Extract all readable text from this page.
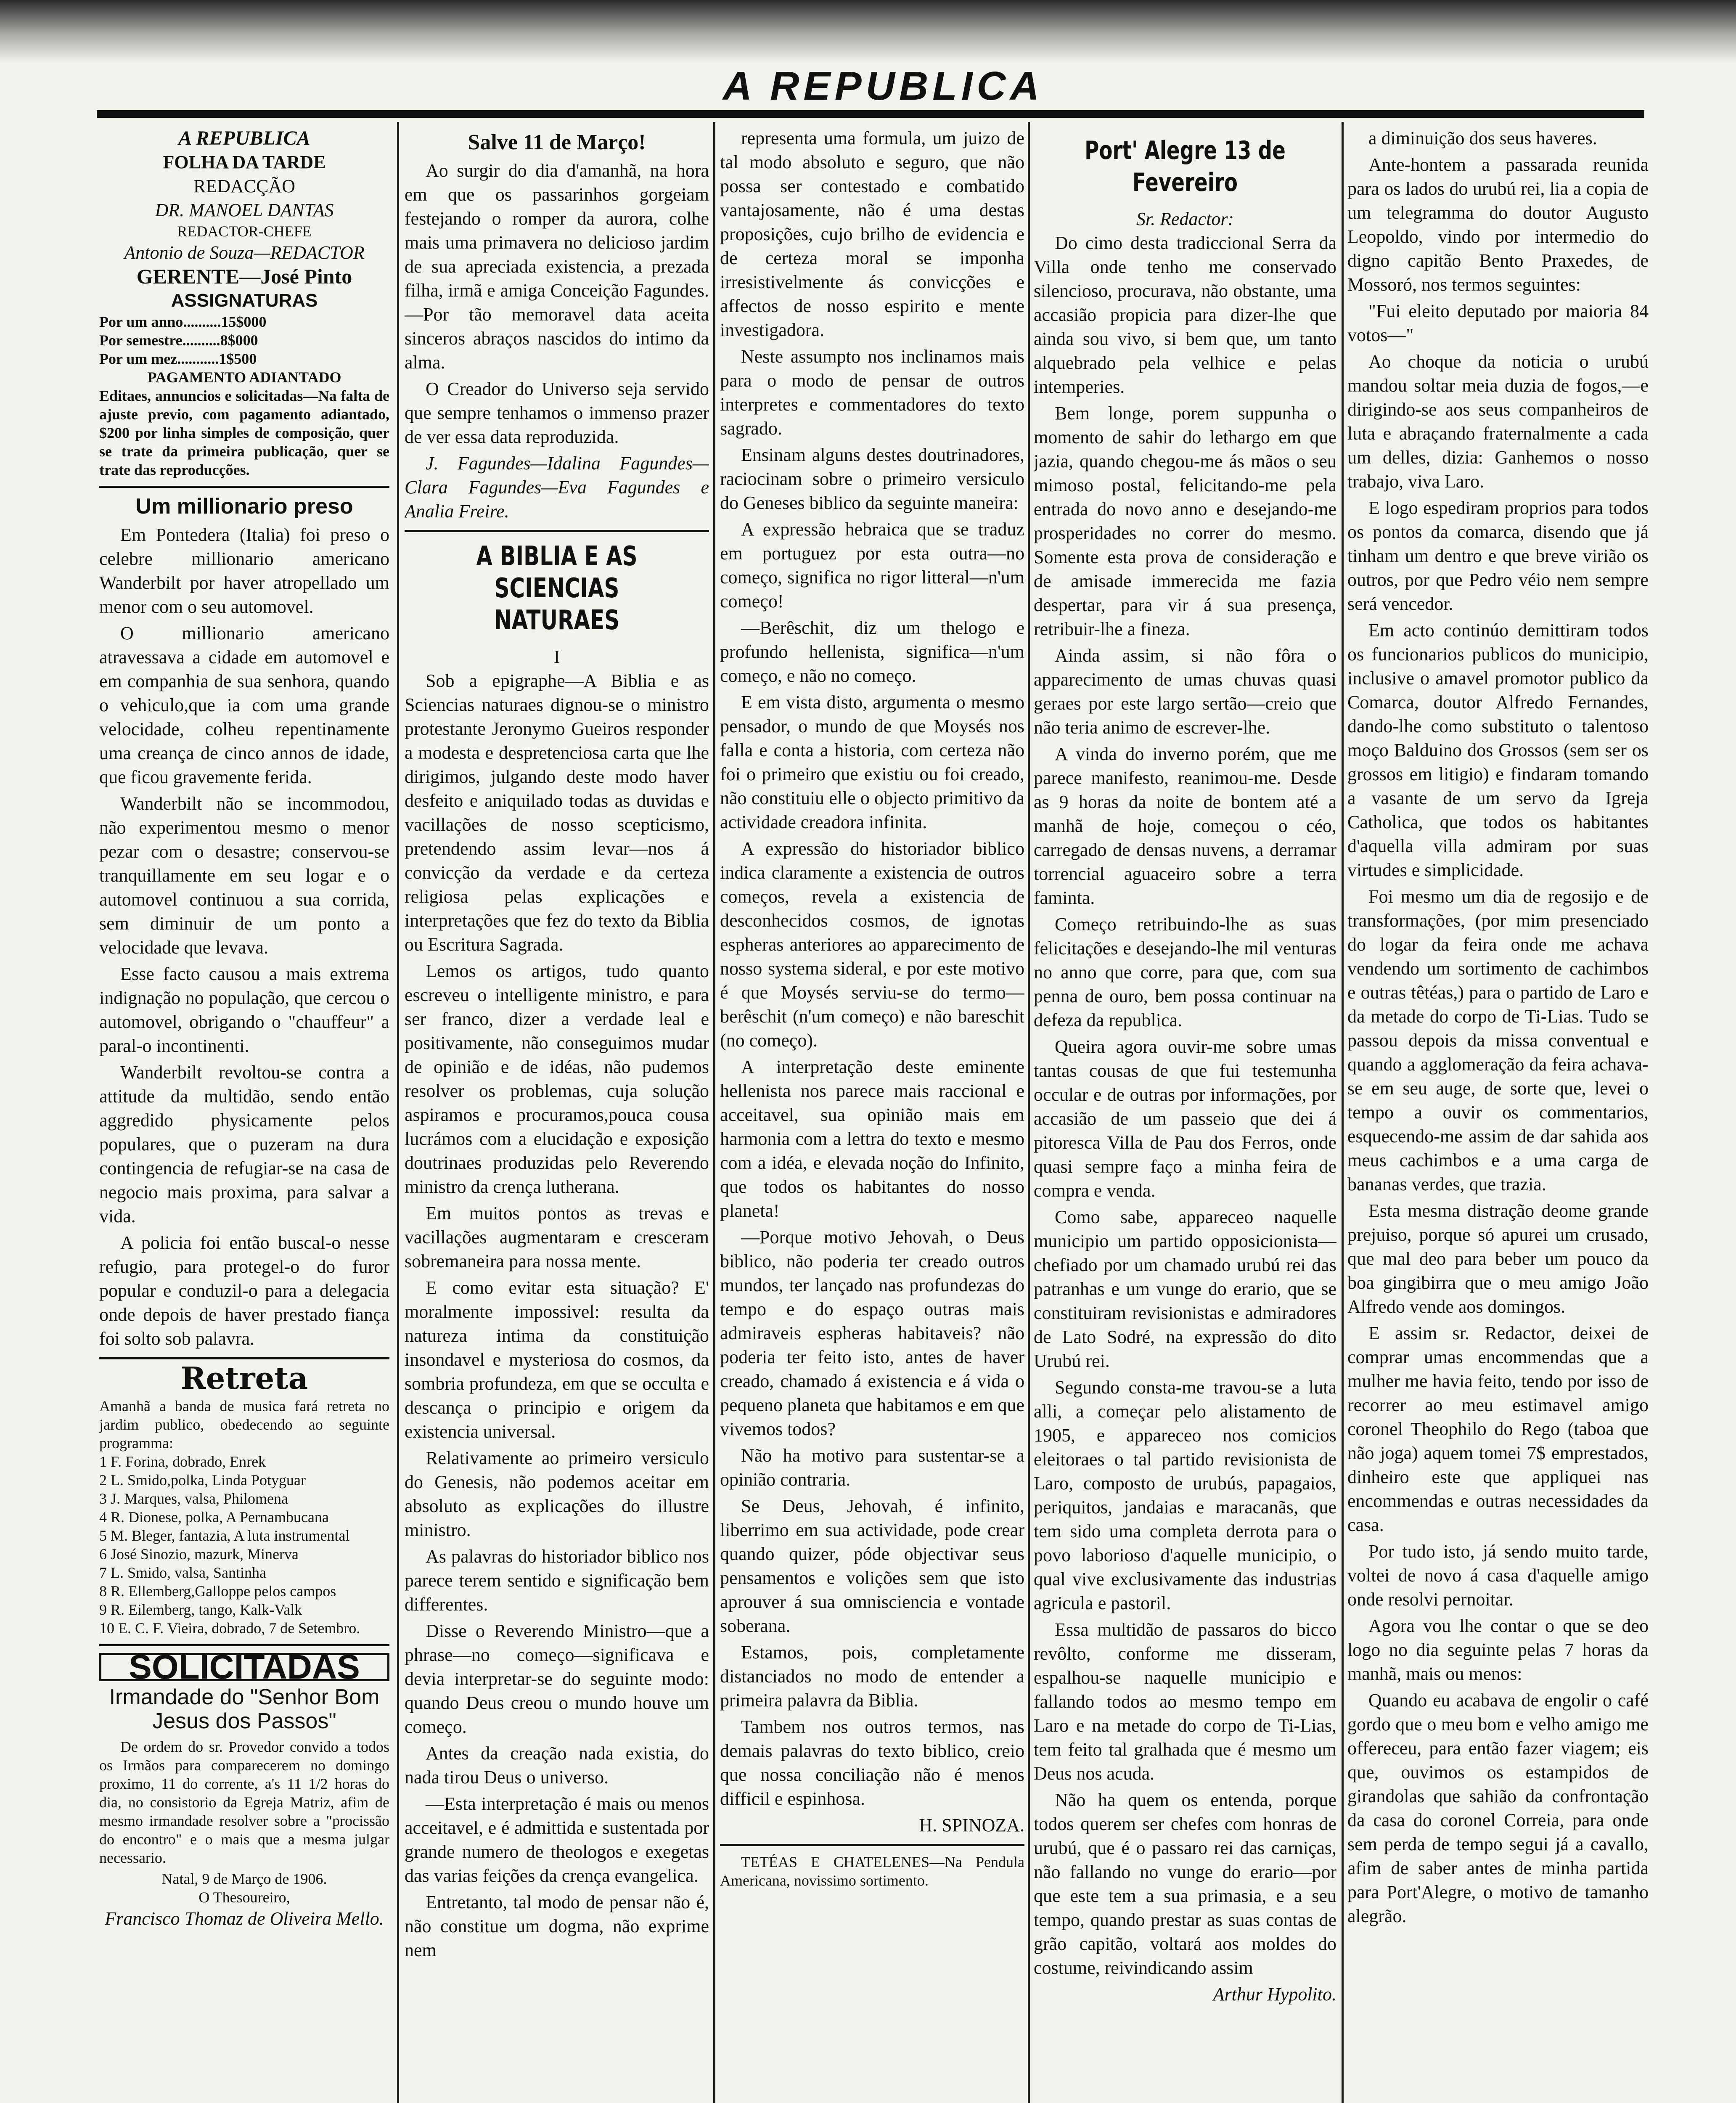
A REPUBLICA
A REPUBLICA
FOLHA DA TARDE
REDACÇÃO
DR. MANOEL DANTAS
REDACTOR-CHEFE
Antonio de Souza—REDACTOR
GERENTE—José Pinto
ASSIGNATURAS
Por um anno..........15$000
Por semestre..........8$000
Por um mez...........1$500
PAGAMENTO ADIANTADO
Editaes, annuncios e solicitadas—Na falta de ajuste previo, com pagamento adiantado, $200 por linha simples de composição, quer se trate da primeira publicação, quer se trate das reproducções.
Um millionario preso

Em Pontedera (Italia) foi preso o celebre millionario americano Wanderbilt por haver atropellado um menor com o seu automovel.

O millionario americano atravessava a cidade em automovel e em companhia de sua senhora, quando o vehiculo,que ia com uma grande velocidade, colheu repentinamente uma creança de cinco annos de idade, que ficou gravemente ferida.

Wanderbilt não se incommodou, não experimentou mesmo o menor pezar com o desastre; conservou-se tranquillamente em seu logar e o automovel continuou a sua corrida, sem diminuir de um ponto a velocidade que levava.

Esse facto causou a mais extrema indignação no população, que cercou o automovel, obrigando o "chauffeur" a paral-o incontinenti.

Wanderbilt revoltou-se contra a attitude da multidão, sendo então aggredido physicamente pelos populares, que o puzeram na dura contingencia de refugiar-se na casa de negocio mais proxima, para salvar a vida.

A policia foi então buscal-o nesse refugio, para protegel-o do furor popular e conduzil-o para a delegacia onde depois de haver prestado fiança foi solto sob palavra.

Retreta
Amanhã a banda de musica fará retreta no jardim publico, obedecendo ao seguinte programma:
1 F. Forina, dobrado, Enrek
2 L. Smido,polka, Linda Potyguar
3 J. Marques, valsa, Philomena
4 R. Dionese, polka, A Pernambucana
5 M. Bleger, fantazia, A luta instrumental
6 José Sinozio, mazurk, Minerva
7 L. Smido, valsa, Santinha
8 R. Ellemberg,Galloppe pelos campos
9 R. Eilemberg, tango, Kalk-Valk
10 E. C. F. Vieira, dobrado, 7 de Setembro.
SOLICITADAS
Irmandade do "Senhor Bom Jesus dos Passos"

De ordem do sr. Provedor convido a todos os Irmãos para comparecerem no domingo proximo, 11 do corrente, a's 11 1/2 horas do dia, no consistorio da Egreja Matriz, afim de mesmo irmandade resolver sobre a "procissão do encontro" e o mais que a mesma julgar necessario.

Natal, 9 de Março de 1906.
O Thesoureiro,
Francisco Thomaz de Oliveira Mello.
Salve 11 de Março!

Ao surgir do dia d'amanhã, na hora em que os passarinhos gorgeiam festejando o romper da aurora, colhe mais uma primavera no delicioso jardim de sua apreciada existencia, a prezada filha, irmã e amiga Conceição Fagundes.—Por tão memoravel data aceita sinceros abraços nascidos do intimo da alma.

O Creador do Universo seja servido que sempre tenhamos o immenso prazer de ver essa data reproduzida.

J. Fagundes—Idalina Fagundes—Clara Fagundes—Eva Fagundes e Analia Freire.

A BIBLIA E AS SCIENCIAS NATURAES
I

Sob a epigraphe—A Biblia e as Sciencias naturaes dignou-se o ministro protestante Jeronymo Gueiros responder a modesta e despretenciosa carta que lhe dirigimos, julgando deste modo haver desfeito e aniquilado todas as duvidas e vacillações de nosso scepticismo, pretendendo assim levar—nos á convicção da verdade e da certeza religiosa pelas explicações e interpretações que fez do texto da Biblia ou Escritura Sagrada.

Lemos os artigos, tudo quanto escreveu o intelligente ministro, e para ser franco, dizer a verdade leal e positivamente, não conseguimos mudar de opinião e de idéas, não pudemos resolver os problemas, cuja solução aspiramos e procuramos,pouca cousa lucrámos com a elucidação e exposição doutrinaes produzidas pelo Reverendo ministro da crença lutherana.

Em muitos pontos as trevas e vacillações augmentaram e cresceram sobremaneira para nossa mente.

E como evitar esta situação? E' moralmente impossivel: resulta da natureza intima da constituição insondavel e mysteriosa do cosmos, da sombria profundeza, em que se occulta e descança o principio e origem da existencia universal.

Relativamente ao primeiro versiculo do Genesis, não podemos aceitar em absoluto as explicações do illustre ministro.

As palavras do historiador biblico nos parece terem sentido e significação bem differentes.

Disse o Reverendo Ministro—que a phrase—no começo—significava e devia interpretar-se do seguinte modo: quando Deus creou o mundo houve um começo.

Antes da creação nada existia, do nada tirou Deus o universo.

—Esta interpretação é mais ou menos acceitavel, e é admittida e sustentada por grande numero de theologos e exegetas das varias feições da crença evangelica.

Entretanto, tal modo de pensar não é, não constitue um dogma, não exprime nem

representa uma formula, um juizo de tal modo absoluto e seguro, que não possa ser contestado e combatido vantajosamente, não é uma destas proposições, cujo brilho de evidencia e de certeza moral se imponha irresistivelmente ás convicções e affectos de nosso espirito e mente investigadora.

Neste assumpto nos inclinamos mais para o modo de pensar de outros interpretes e commentadores do texto sagrado.

Ensinam alguns destes doutrinadores, raciocinam sobre o primeiro versiculo do Geneses biblico da seguinte maneira:

A expressão hebraica que se traduz em portuguez por esta outra—no começo, significa no rigor litteral—n'um começo!

—Berêschit, diz um thelogo e profundo hellenista, significa—n'um começo, e não no começo.

E em vista disto, argumenta o mesmo pensador, o mundo de que Moysés nos falla e conta a historia, com certeza não foi o primeiro que existiu ou foi creado, não constituiu elle o objecto primitivo da actividade creadora infinita.

A expressão do historiador biblico indica claramente a existencia de outros começos, revela a existencia de desconhecidos cosmos, de ignotas espheras anteriores ao apparecimento de nosso systema sideral, e por este motivo é que Moysés serviu-se do termo—berêschit (n'um começo) e não bareschit (no começo).

A interpretação deste eminente hellenista nos parece mais raccional e acceitavel, sua opinião mais em harmonia com a lettra do texto e mesmo com a idéa, e elevada noção do Infinito, que todos os habitantes do nosso planeta!

—Porque motivo Jehovah, o Deus biblico, não poderia ter creado outros mundos, ter lançado nas profundezas do tempo e do espaço outras mais admiraveis espheras habitaveis? não poderia ter feito isto, antes de haver creado, chamado á existencia e á vida o pequeno planeta que habitamos e em que vivemos todos?

Não ha motivo para sustentar-se a opinião contraria.

Se Deus, Jehovah, é infinito, liberrimo em sua actividade, pode crear quando quizer, póde objectivar seus pensamentos e volições sem que isto aprouver á sua omnisciencia e vontade soberana.

Estamos, pois, completamente distanciados no modo de entender a primeira palavra da Biblia.

Tambem nos outros termos, nas demais palavras do texto biblico, creio que nossa conciliação não é menos difficil e espinhosa.

H. SPINOZA.

TETÉAS E CHATELENES—Na Pendula Americana, novissimo sortimento.

Port' Alegre 13 de Fevereiro
Sr. Redactor:

Do cimo desta tradiccional Serra da Villa onde tenho me conservado silencioso, procurava, não obstante, uma accasião propicia para dizer-lhe que ainda sou vivo, si bem que, um tanto alquebrado pela velhice e pelas intemperies.

Bem longe, porem suppunha o momento de sahir do lethargo em que jazia, quando chegou-me ás mãos o seu mimoso postal, felicitando-me pela entrada do novo anno e desejando-me prosperidades no correr do mesmo. Somente esta prova de consideração e de amisade immerecida me fazia despertar, para vir á sua presença, retribuir-lhe a fineza.

Ainda assim, si não fôra o apparecimento de umas chuvas quasi geraes por este largo sertão—creio que não teria animo de escrever-lhe.

A vinda do inverno porém, que me parece manifesto, reanimou-me. Desde as 9 horas da noite de bontem até a manhã de hoje, começou o céo, carregado de densas nuvens, a derramar torrencial aguaceiro sobre a terra faminta.

Começo retribuindo-lhe as suas felicitações e desejando-lhe mil venturas no anno que corre, para que, com sua penna de ouro, bem possa continuar na defeza da republica.

Queira agora ouvir-me sobre umas tantas cousas de que fui testemunha occular e de outras por informações, por accasião de um passeio que dei á pitoresca Villa de Pau dos Ferros, onde quasi sempre faço a minha feira de compra e venda.

Como sabe, appareceo naquelle municipio um partido opposicionista—chefiado por um chamado urubú rei das patranhas e um vunge do erario, que se constituiram revisionistas e admiradores de Lato Sodré, na expressão do dito Urubú rei.

Segundo consta-me travou-se a luta alli, a começar pelo alistamento de 1905, e appareceo nos comicios eleitoraes o tal partido revisionista de Laro, composto de urubús, papagaios, periquitos, jandaias e maracanãs, que tem sido uma completa derrota para o povo laborioso d'aquelle municipio, o qual vive exclusivamente das industrias agricula e pastoril.

Essa multidão de passaros do bicco revôlto, conforme me disseram, espalhou-se naquelle municipio e fallando todos ao mesmo tempo em Laro e na metade do corpo de Ti-Lias, tem feito tal gralhada que é mesmo um Deus nos acuda.

Não ha quem os entenda, porque todos querem ser chefes com honras de urubú, que é o passaro rei das carniças, não fallando no vunge do erario—por que este tem a sua primasia, e a seu tempo, quando prestar as suas contas de grão capitão, voltará aos moldes do costume, reivindicando assim

Arthur Hypolito.

a diminuição dos seus haveres.

Ante-hontem a passarada reunida para os lados do urubú rei, lia a copia de um telegramma do doutor Augusto Leopoldo, vindo por intermedio do digno capitão Bento Praxedes, de Mossoró, nos termos seguintes:

"Fui eleito deputado por maioria 84 votos—"

Ao choque da noticia o urubú mandou soltar meia duzia de fogos,—e dirigindo-se aos seus companheiros de luta e abraçando fraternalmente a cada um delles, dizia: Ganhemos o nosso trabajo, viva Laro.

E logo espediram proprios para todos os pontos da comarca, disendo que já tinham um dentro e que breve virião os outros, por que Pedro véio nem sempre será vencedor.

Em acto continúo demittiram todos os funcionarios publicos do municipio, inclusive o amavel promotor publico da Comarca, doutor Alfredo Fernandes, dando-lhe como substituto o talentoso moço Balduino dos Grossos (sem ser os grossos em litigio) e findaram tomando a vasante de um servo da Igreja Catholica, que todos os habitantes d'aquella villa admiram por suas virtudes e simplicidade.

Foi mesmo um dia de regosijo e de transformações, (por mim presenciado do logar da feira onde me achava vendendo um sortimento de cachimbos e outras têtéas,) para o partido de Laro e da metade do corpo de Ti-Lias. Tudo se passou depois da missa conventual e quando a agglomeração da feira achava-se em seu auge, de sorte que, levei o tempo a ouvir os commentarios, esquecendo-me assim de dar sahida aos meus cachimbos e a uma carga de bananas verdes, que trazia.

Esta mesma distração deome grande prejuiso, porque só apurei um crusado, que mal deo para beber um pouco da boa gingibirra que o meu amigo João Alfredo vende aos domingos.

E assim sr. Redactor, deixei de comprar umas encommendas que a mulher me havia feito, tendo por isso de recorrer ao meu estimavel amigo coronel Theophilo do Rego (taboa que não joga) aquem tomei 7$ emprestados, dinheiro este que appliquei nas encommendas e outras necessidades da casa.

Por tudo isto, já sendo muito tarde, voltei de novo á casa d'aquelle amigo onde resolvi pernoitar.

Agora vou lhe contar o que se deo logo no dia seguinte pelas 7 horas da manhã, mais ou menos:

Quando eu acabava de engolir o café gordo que o meu bom e velho amigo me offereceu, para então fazer viagem; eis que, ouvimos os estampidos de girandolas que sahião da confrontação da casa do coronel Correia, para onde sem perda de tempo segui já a cavallo, afim de saber antes de minha partida para Port'Alegre, o motivo de tamanho alegrão.
